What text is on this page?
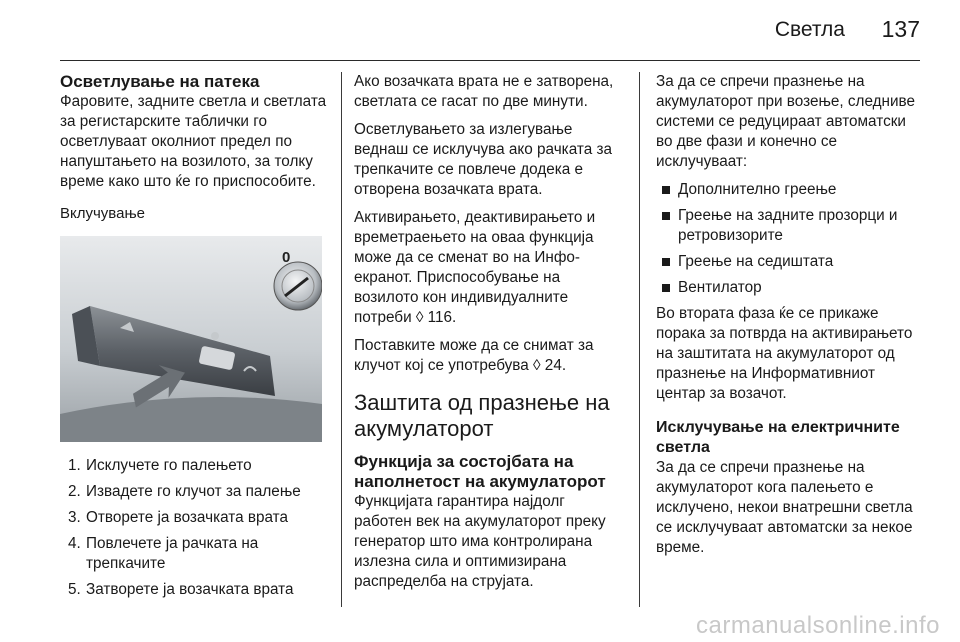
Светла 137
Осветлување на патека

Фаровите, задните светла и светлата за регистарските таблички го осветлуваат околниот предел по напуштањето на возилото, за толку време како што ќе го приспособите.

Вклучување
0
1. Исклучете го палењето
2. Извадете го клучот за палење
3. Отворете ја возачката врата
4. Повлечете ја рачката на трепкачите
5. Затворете ја возачката врата

Ако возачката врата не е затворена, светлата се гасат по две минути.

Осветлувањето за излегување веднаш се исклучува ако рачката за трепкачите се повлече додека е отворена возачката врата.

Активирањето, деактивирањето и времетраењето на оваа функција може да се сменат во на Инфо-екранот. Приспособување на возилото кон индивидуалните потреби ◊ 116.

Поставките може да се снимат за клучот кој се употребува ◊ 24.

Заштита од празнење на акумулаторот
Функција за состојбата на наполнетост на акумулаторот

Функцијата гарантира најдолг работен век на акумулаторот преку генератор што има контролирана излезна сила и оптимизирана распределба на струјата.

За да се спречи празнење на акумулаторот при возење, следниве системи се редуцираат автоматски во две фази и конечно се исклучуваат:

Дополнително греење
Греење на задните прозорци и ретровизорите
Греење на седиштата
Вентилатор

Во втората фаза ќе се прикаже порака за потврда на активирањето на заштитата на акумулаторот од празнење на Информативниот центар за возачот.

Исклучување на електричните светла

За да се спречи празнење на акумулаторот кога палењето е исклучено, некои внатрешни светла се исклучуваат автоматски за некое време.

carmanualsonline.info
